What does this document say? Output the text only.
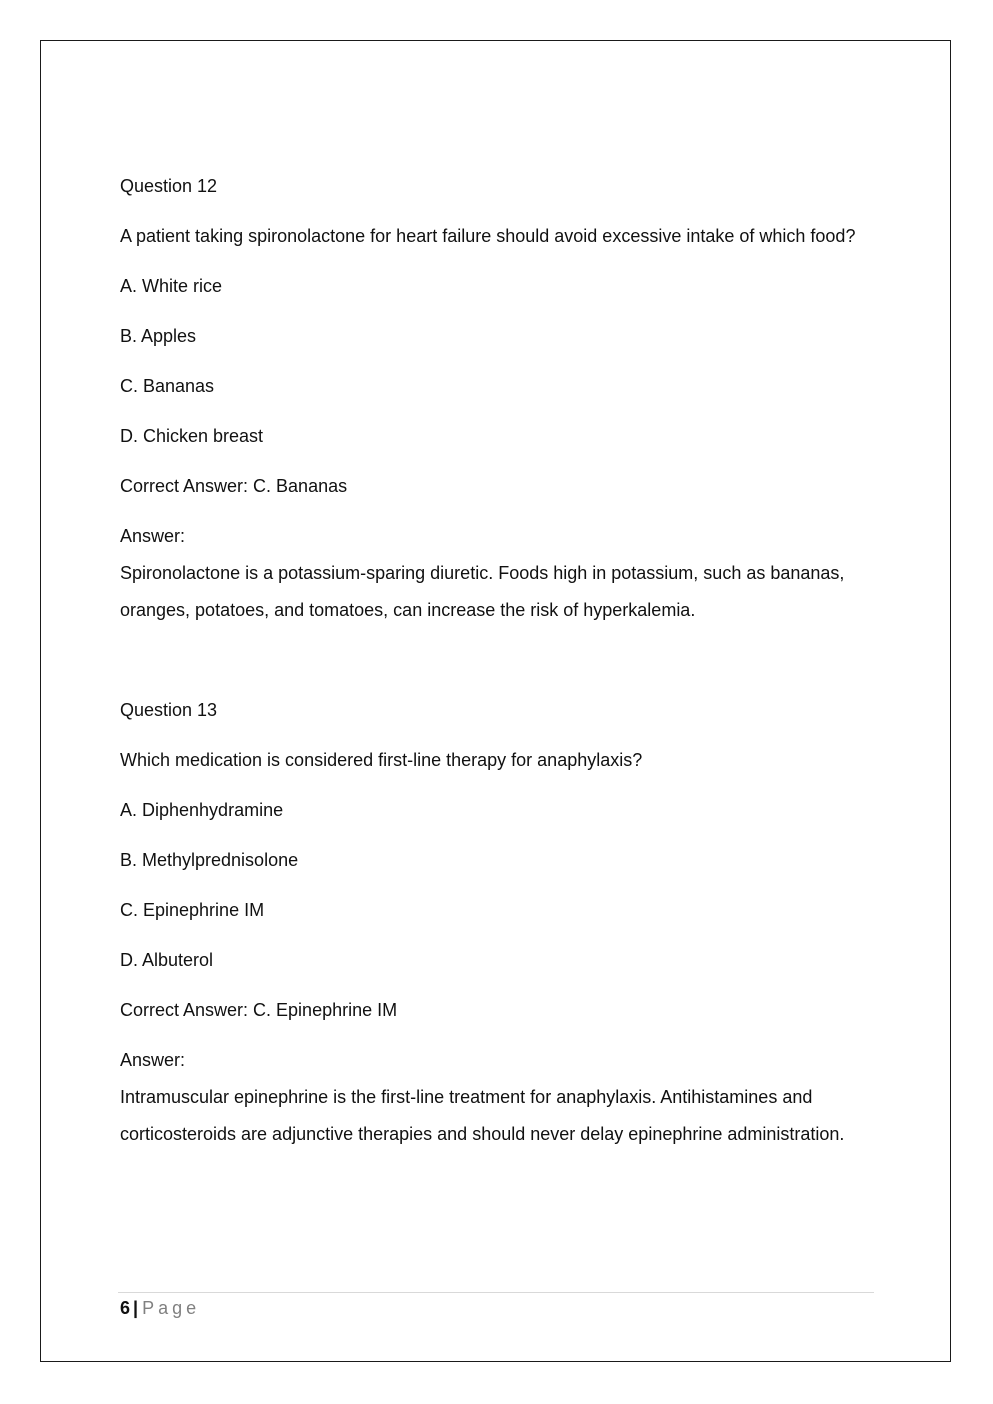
Question 12

A patient taking spironolactone for heart failure should avoid excessive intake of which food?

A. White rice

B. Apples

C. Bananas

D. Chicken breast

Correct Answer: C. Bananas

Answer:

Spironolactone is a potassium-sparing diuretic. Foods high in potassium, such as bananas, oranges, potatoes, and tomatoes, can increase the risk of hyperkalemia.

Question 13

Which medication is considered first-line therapy for anaphylaxis?

A. Diphenhydramine

B. Methylprednisolone

C. Epinephrine IM

D. Albuterol

Correct Answer: C. Epinephrine IM

Answer:

Intramuscular epinephrine is the first-line treatment for anaphylaxis. Antihistamines and corticosteroids are adjunctive therapies and should never delay epinephrine administration.

6 | Page
